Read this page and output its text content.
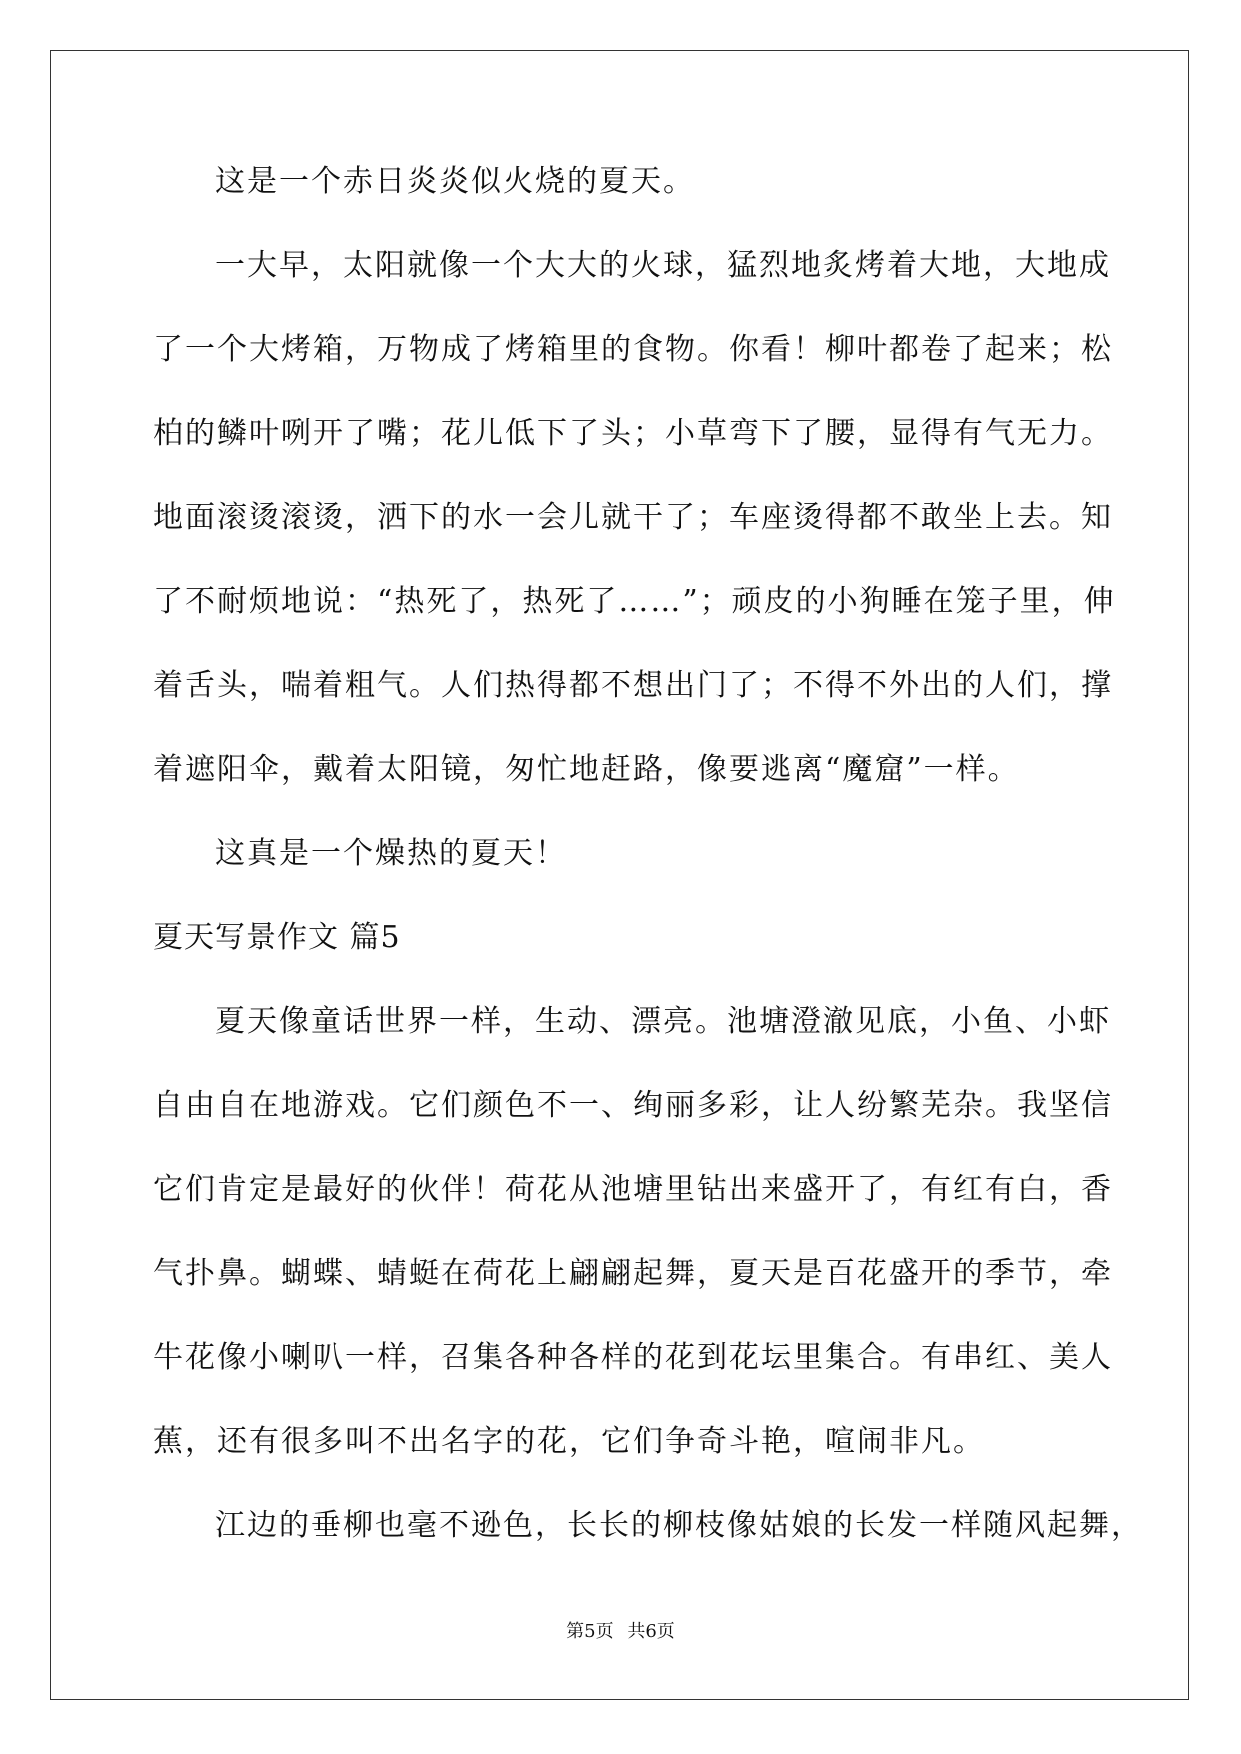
这是一个赤日炎炎似火烧的夏天。
一大早，太阳就像一个大大的火球，猛烈地炙烤着大地，大地成
了一个大烤箱，万物成了烤箱里的食物。你看！柳叶都卷了起来；松
柏的鳞叶咧开了嘴；花儿低下了头；小草弯下了腰，显得有气无力。
地面滚烫滚烫，洒下的水一会儿就干了；车座烫得都不敢坐上去。知
了不耐烦地说：“热死了，热死了……”；顽皮的小狗睡在笼子里，伸
着舌头，喘着粗气。人们热得都不想出门了；不得不外出的人们，撑
着遮阳伞，戴着太阳镜，匆忙地赶路，像要逃离“魔窟”一样。
这真是一个燥热的夏天！
夏天写景作文 篇5
夏天像童话世界一样，生动、漂亮。池塘澄澈见底，小鱼、小虾
自由自在地游戏。它们颜色不一、绚丽多彩，让人纷繁芜杂。我坚信
它们肯定是最好的伙伴！荷花从池塘里钻出来盛开了，有红有白，香
气扑鼻。蝴蝶、蜻蜓在荷花上翩翩起舞，夏天是百花盛开的季节，牵
牛花像小喇叭一样，召集各种各样的花到花坛里集合。有串红、美人
蕉，还有很多叫不出名字的花，它们争奇斗艳，喧闹非凡。
江边的垂柳也毫不逊色，长长的柳枝像姑娘的长发一样随风起舞，
第5页 共6页
